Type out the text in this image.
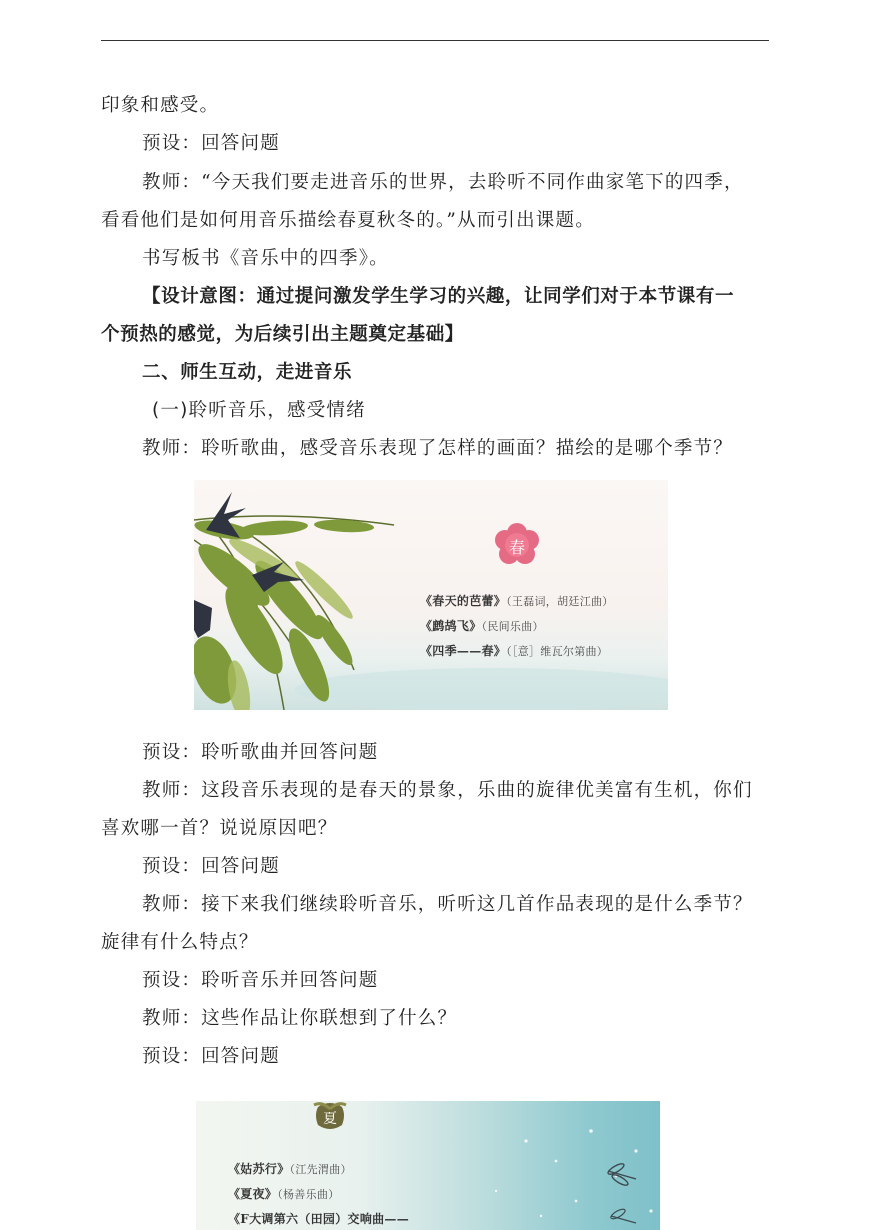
印象和感受。
预设：回答问题
教师：“今天我们要走进音乐的世界，去聆听不同作曲家笔下的四季，
看看他们是如何用音乐描绘春夏秋冬的。”从而引出课题。
书写板书《音乐中的四季》。
【设计意图：通过提问激发学生学习的兴趣，让同学们对于本节课有一
个预热的感觉，为后续引出主题奠定基础】
二、师生互动，走进音乐
(一)聆听音乐，感受情绪
教师：聆听歌曲，感受音乐表现了怎样的画面？描绘的是哪个季节？
春
《春天的芭蕾》（王磊词，胡廷江曲）
《鹧鸪飞》（民间乐曲）
《四季——春》（［意］维瓦尔第曲）
预设：聆听歌曲并回答问题
教师：这段音乐表现的是春天的景象，乐曲的旋律优美富有生机，你们
喜欢哪一首？说说原因吧？
预设：回答问题
教师：接下来我们继续聆听音乐，听听这几首作品表现的是什么季节？
旋律有什么特点？
预设：聆听音乐并回答问题
教师：这些作品让你联想到了什么？
预设：回答问题
夏
《姑苏行》（江先渭曲）
《夏夜》（杨善乐曲）
《F大调第六（田园）交响曲——
